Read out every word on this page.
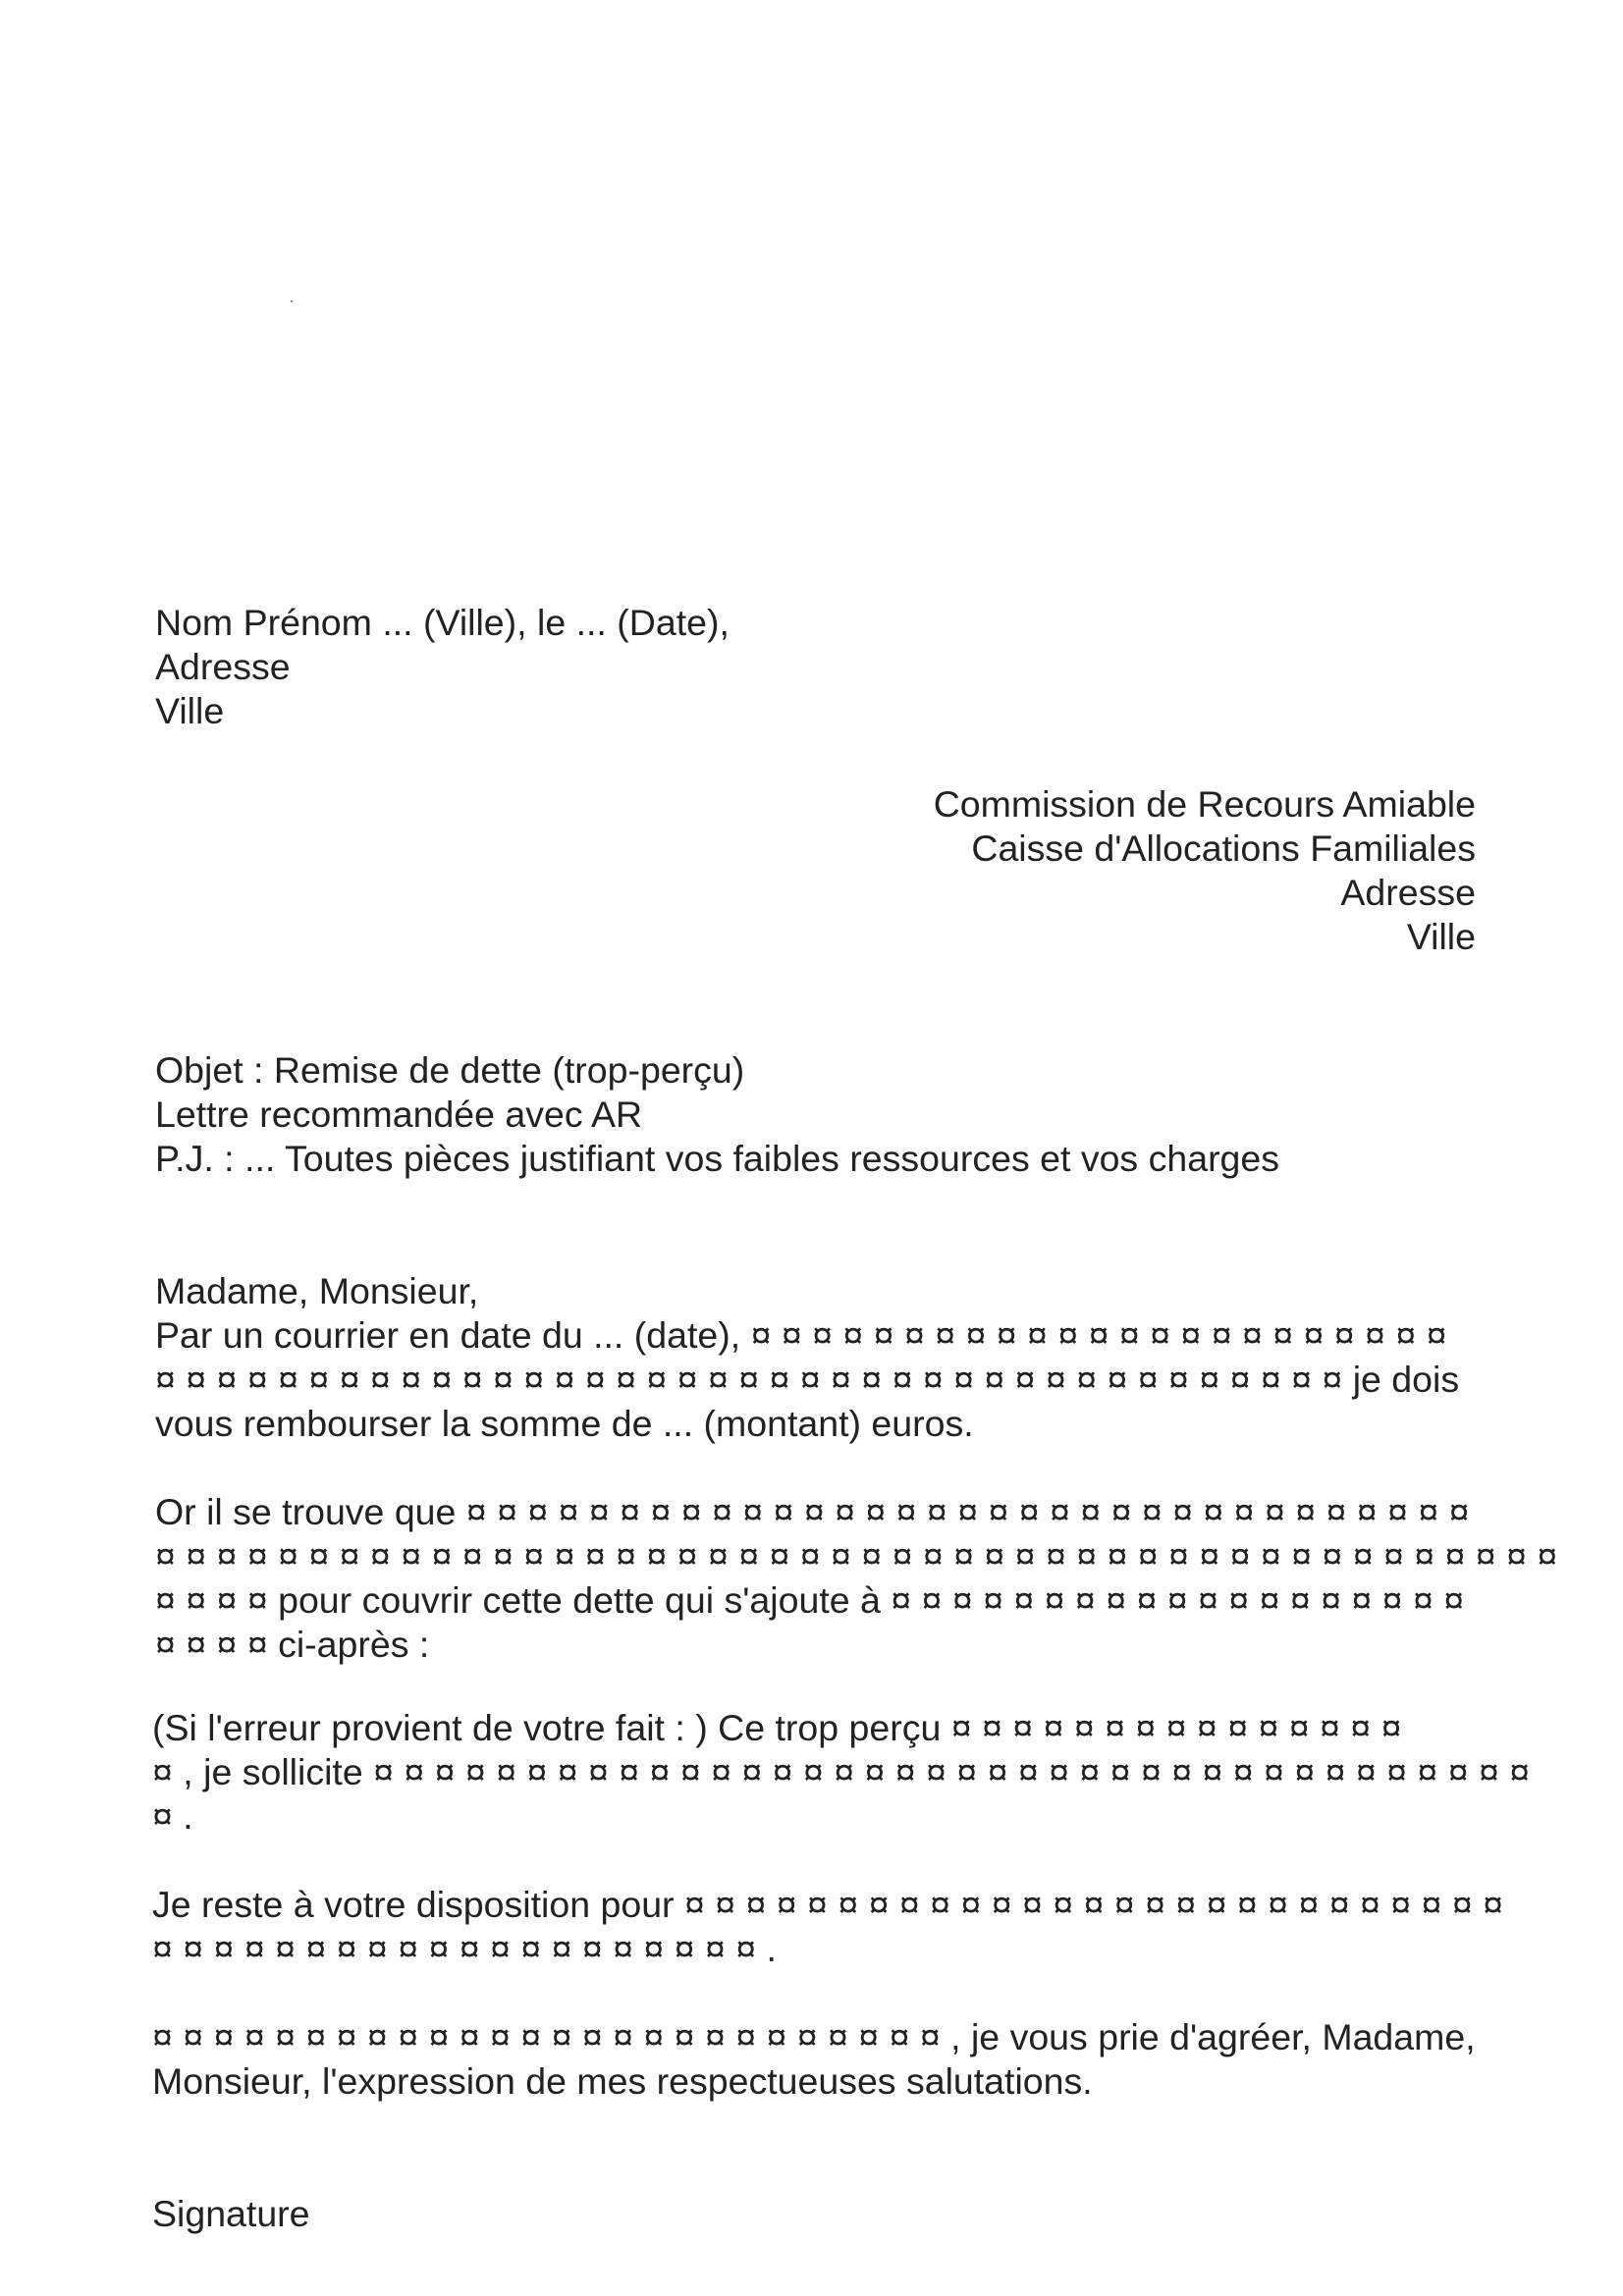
Nom Prénom ... (Ville), le ... (Date),
Adresse
Ville
Commission de Recours Amiable
Caisse d'Allocations Familiales
Adresse
Ville
Objet : Remise de dette (trop-perçu)
Lettre recommandée avec AR
P.J. : ... Toutes pièces justifiant vos faibles ressources et vos charges
Madame, Monsieur,
Par un courrier en date du ... (date), ¤ ¤ ¤ ¤ ¤ ¤ ¤ ¤ ¤ ¤ ¤ ¤ ¤ ¤ ¤ ¤ ¤ ¤ ¤ ¤ ¤ ¤ ¤
¤ ¤ ¤ ¤ ¤ ¤ ¤ ¤ ¤ ¤ ¤ ¤ ¤ ¤ ¤ ¤ ¤ ¤ ¤ ¤ ¤ ¤ ¤ ¤ ¤ ¤ ¤ ¤ ¤ ¤ ¤ ¤ ¤ ¤ ¤ ¤ ¤ ¤ ¤ je dois
vous rembourser la somme de ... (montant) euros.
Or il se trouve que ¤ ¤ ¤ ¤ ¤ ¤ ¤ ¤ ¤ ¤ ¤ ¤ ¤ ¤ ¤ ¤ ¤ ¤ ¤ ¤ ¤ ¤ ¤ ¤ ¤ ¤ ¤ ¤ ¤ ¤ ¤ ¤ ¤
¤ ¤ ¤ ¤ ¤ ¤ ¤ ¤ ¤ ¤ ¤ ¤ ¤ ¤ ¤ ¤ ¤ ¤ ¤ ¤ ¤ ¤ ¤ ¤ ¤ ¤ ¤ ¤ ¤ ¤ ¤ ¤ ¤ ¤ ¤ ¤ ¤ ¤ ¤ ¤ ¤ ¤ ¤ ¤ ¤ ¤
¤ ¤ ¤ ¤ pour couvrir cette dette qui s'ajoute à ¤ ¤ ¤ ¤ ¤ ¤ ¤ ¤ ¤ ¤ ¤ ¤ ¤ ¤ ¤ ¤ ¤ ¤ ¤
¤ ¤ ¤ ¤ ci-après :
(Si l'erreur provient de votre fait : ) Ce trop perçu ¤ ¤ ¤ ¤ ¤ ¤ ¤ ¤ ¤ ¤ ¤ ¤ ¤ ¤ ¤
¤ , je sollicite ¤ ¤ ¤ ¤ ¤ ¤ ¤ ¤ ¤ ¤ ¤ ¤ ¤ ¤ ¤ ¤ ¤ ¤ ¤ ¤ ¤ ¤ ¤ ¤ ¤ ¤ ¤ ¤ ¤ ¤ ¤ ¤ ¤ ¤ ¤ ¤ ¤ ¤
¤ .
Je reste à votre disposition pour ¤ ¤ ¤ ¤ ¤ ¤ ¤ ¤ ¤ ¤ ¤ ¤ ¤ ¤ ¤ ¤ ¤ ¤ ¤ ¤ ¤ ¤ ¤ ¤ ¤ ¤ ¤
¤ ¤ ¤ ¤ ¤ ¤ ¤ ¤ ¤ ¤ ¤ ¤ ¤ ¤ ¤ ¤ ¤ ¤ ¤ ¤ .
¤ ¤ ¤ ¤ ¤ ¤ ¤ ¤ ¤ ¤ ¤ ¤ ¤ ¤ ¤ ¤ ¤ ¤ ¤ ¤ ¤ ¤ ¤ ¤ ¤ ¤ , je vous prie d'agréer, Madame,
Monsieur, l'expression de mes respectueuses salutations.
Signature
